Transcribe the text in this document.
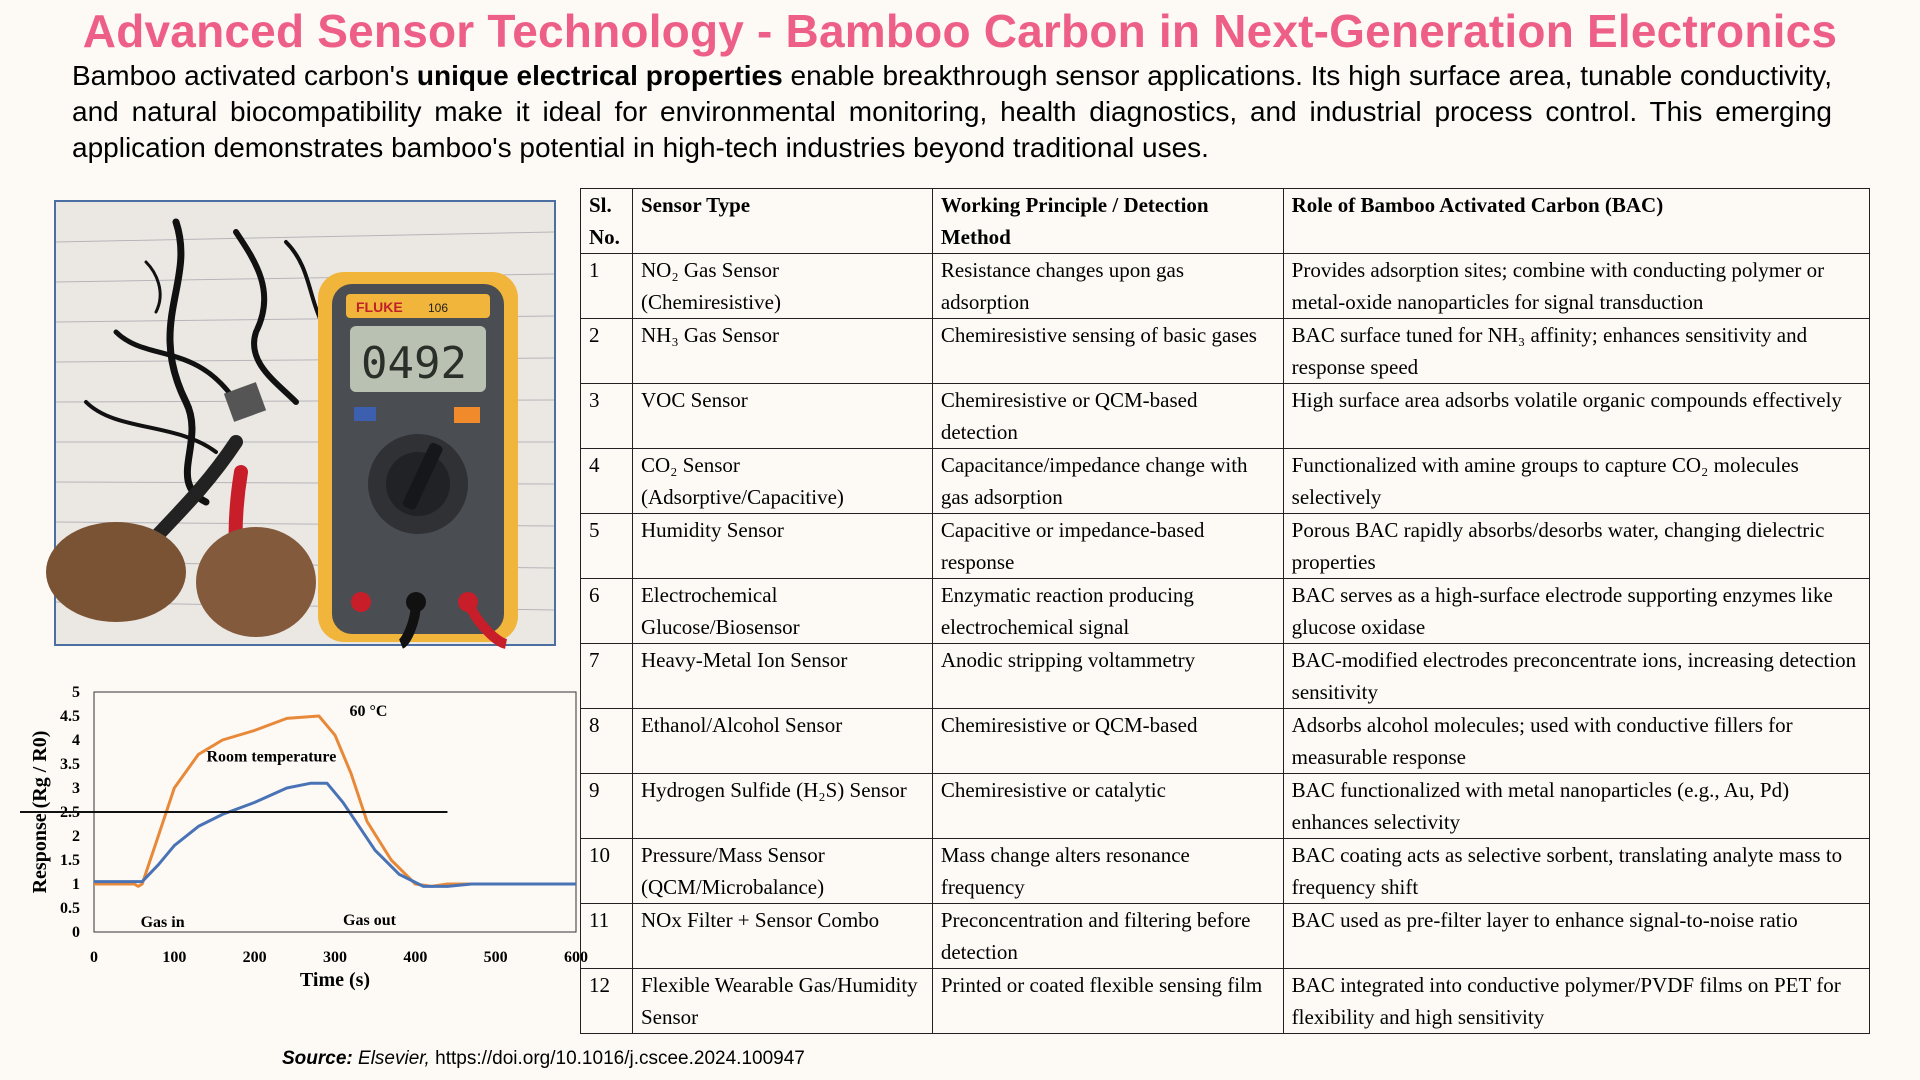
Advanced Sensor Technology - Bamboo Carbon in Next-Generation Electronics
Bamboo activated carbon's unique electrical properties enable breakthrough sensor applications. Its high surface area, tunable conductivity, and natural biocompatibility make it ideal for environmental monitoring, health diagnostics, and industrial process control. This emerging application demonstrates bamboo's potential in high-tech industries beyond traditional uses.
FLUKE 106
0492
0
0.5
1
1.5
2
2.5
3
3.5
4
4.5
5
0	100	200	300	400	500	600
60 °C
Room temperature
Gas in	Gas out
Time (s)
Response (Rg / R0)
Sl. No.	Sensor Type	Working Principle / Detection Method	Role of Bamboo Activated Carbon (BAC)
1	NO₂ Gas Sensor (Chemiresistive)	Resistance changes upon gas adsorption	Provides adsorption sites; combine with conducting polymer or metal-oxide nanoparticles for signal transduction
2	NH₃ Gas Sensor	Chemiresistive sensing of basic gases	BAC surface tuned for NH₃ affinity; enhances sensitivity and response speed
3	VOC Sensor	Chemiresistive or QCM-based detection	High surface area adsorbs volatile organic compounds effectively
4	CO₂ Sensor (Adsorptive/Capacitive)	Capacitance/impedance change with gas adsorption	Functionalized with amine groups to capture CO₂ molecules selectively
5	Humidity Sensor	Capacitive or impedance-based response	Porous BAC rapidly absorbs/desorbs water, changing dielectric properties
6	Electrochemical Glucose/Biosensor	Enzymatic reaction producing electrochemical signal	BAC serves as a high-surface electrode supporting enzymes like glucose oxidase
7	Heavy-Metal Ion Sensor	Anodic stripping voltammetry	BAC-modified electrodes preconcentrate ions, increasing detection sensitivity
8	Ethanol/Alcohol Sensor	Chemiresistive or QCM-based	Adsorbs alcohol molecules; used with conductive fillers for measurable response
9	Hydrogen Sulfide (H₂S) Sensor	Chemiresistive or catalytic	BAC functionalized with metal nanoparticles (e.g., Au, Pd) enhances selectivity
10	Pressure/Mass Sensor (QCM/Microbalance)	Mass change alters resonance frequency	BAC coating acts as selective sorbent, translating analyte mass to frequency shift
11	NOx Filter + Sensor Combo	Preconcentration and filtering before detection	BAC used as pre-filter layer to enhance signal-to-noise ratio
12	Flexible Wearable Gas/Humidity Sensor	Printed or coated flexible sensing film	BAC integrated into conductive polymer/PVDF films on PET for flexibility and high sensitivity
Source: Elsevier, https://doi.org/10.1016/j.cscee.2024.100947
